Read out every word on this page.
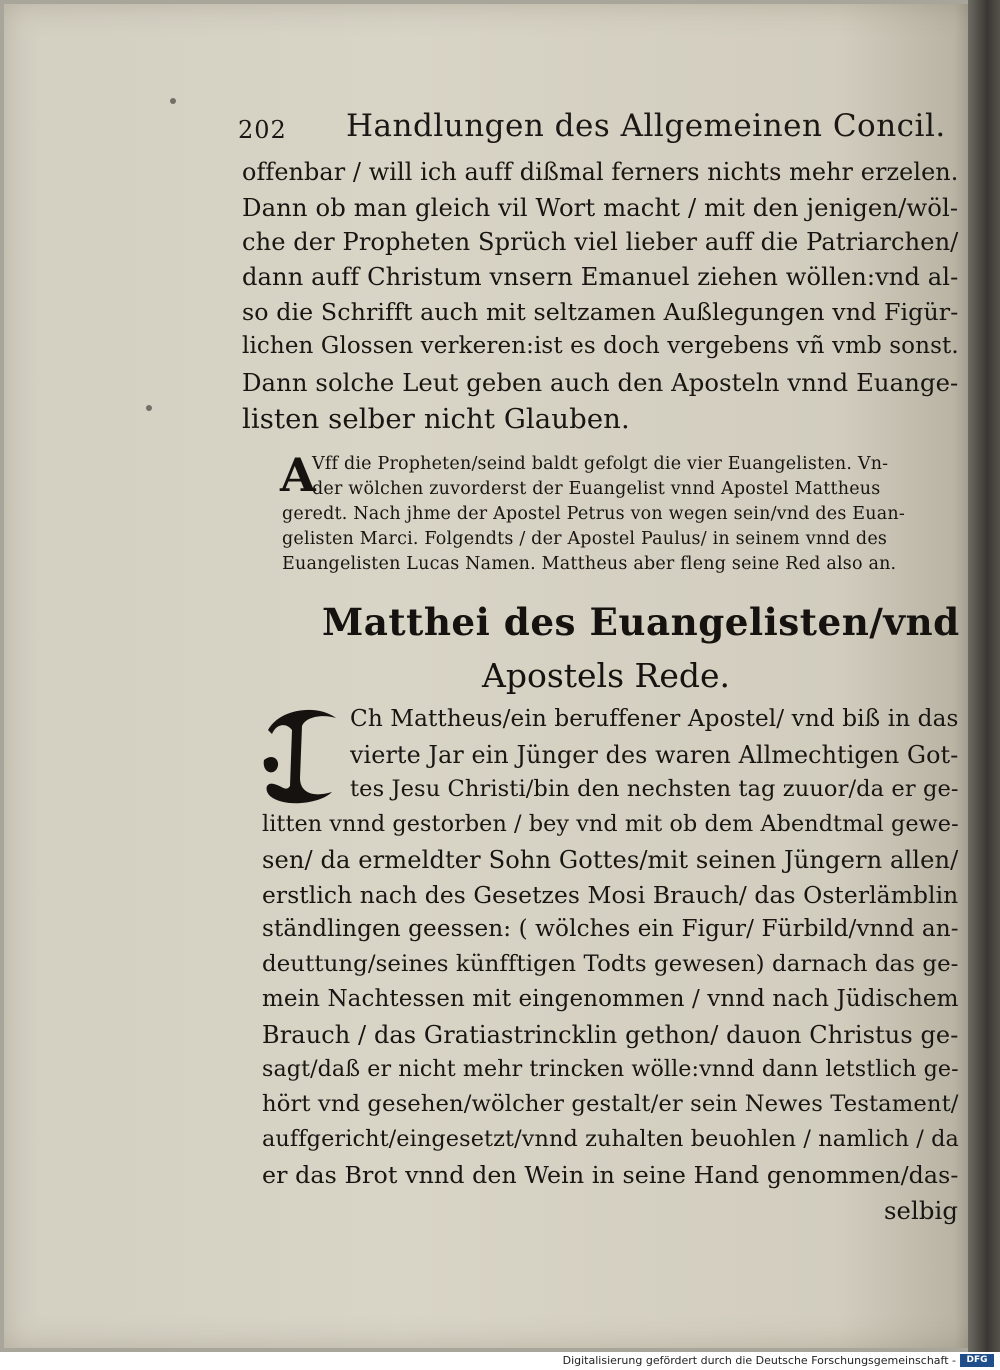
202 Handlungen des Allgemeinen Concil.
offenbar / will ich auff dißmal ferners nichts mehr erzelen.
Dann ob man gleich vil Wort macht / mit den jenigen/wöl-
che der Propheten Sprüch viel lieber auff die Patriarchen/
dann auff Christum vnsern Emanuel ziehen wöllen:vnd al-
so die Schrifft auch mit seltzamen Außlegungen vnd Figür-
lichen Glossen verkeren:ist es doch vergebens vñ vmb sonst.
Dann solche Leut geben auch den Aposteln vnnd Euange-
listen selber nicht Glauben.
A
Vff die Propheten/seind baldt gefolgt die vier Euangelisten. Vn-
der wölchen zuvorderst der Euangelist vnnd Apostel Mattheus
geredt. Nach jhme der Apostel Petrus von wegen sein/vnd des Euan-
gelisten Marci. Folgendts / der Apostel Paulus/ in seinem vnnd des
Euangelisten Lucas Namen. Mattheus aber fleng seine Red also an.
Matthei des Euangelisten/vnd
Apostels Rede.
Ch Mattheus/ein beruffener Apostel/ vnd biß in das
vierte Jar ein Jünger des waren Allmechtigen Got-
tes Jesu Christi/bin den nechsten tag zuuor/da er ge-
litten vnnd gestorben / bey vnd mit ob dem Abendtmal gewe-
sen/ da ermeldter Sohn Gottes/mit seinen Jüngern allen/
erstlich nach des Gesetzes Mosi Brauch/ das Osterlämblin
ständlingen geessen: ( wölches ein Figur/ Fürbild/vnnd an-
deuttung/seines künfftigen Todts gewesen) darnach das ge-
mein Nachtessen mit eingenommen / vnnd nach Jüdischem
Brauch / das Gratiastrincklin gethon/ dauon Christus ge-
sagt/daß er nicht mehr trincken wölle:vnnd dann letstlich ge-
hört vnd gesehen/wölcher gestalt/er sein Newes Testament/
auffgericht/eingesetzt/vnnd zuhalten beuohlen / namlich / da
er das Brot vnnd den Wein in seine Hand genommen/das-
selbig
Digitalisierung gefördert durch die Deutsche Forschungsgemeinschaft -	DFG
